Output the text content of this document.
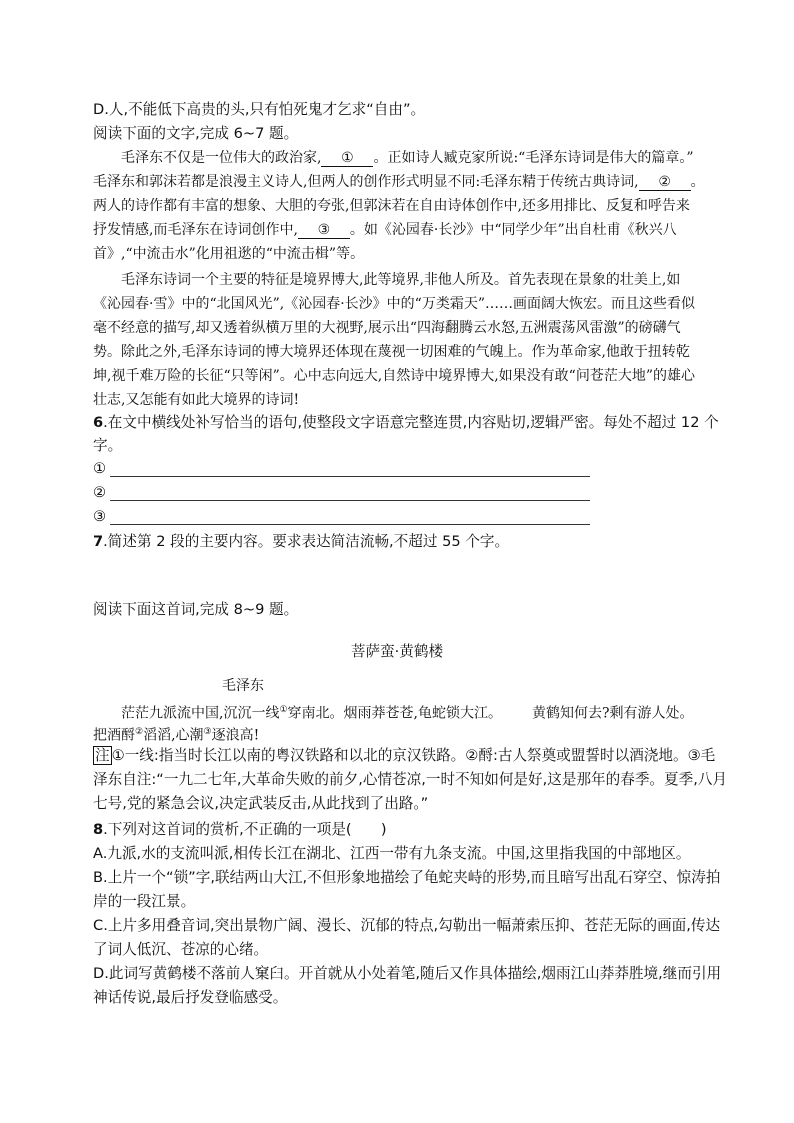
D.人,不能低下高贵的头,只有怕死鬼才乞求“自由”。
阅读下面的文字,完成 6~7 题。
毛泽东不仅是一位伟大的政治家, ① 。正如诗人臧克家所说:“毛泽东诗词是伟大的篇章。”
毛泽东和郭沫若都是浪漫主义诗人,但两人的创作形式明显不同:毛泽东精于传统古典诗词, ② 。
两人的诗作都有丰富的想象、大胆的夸张,但郭沫若在自由诗体创作中,还多用排比、反复和呼告来
抒发情感,而毛泽东在诗词创作中, ③ 。如《沁园春·长沙》中“同学少年”出自杜甫《秋兴八
首》,“中流击水”化用祖逖的“中流击楫”等。
毛泽东诗词一个主要的特征是境界博大,此等境界,非他人所及。首先表现在景象的壮美上,如
《沁园春·雪》中的“北国风光”,《沁园春·长沙》中的“万类霜天”……画面阔大恢宏。而且这些看似
毫不经意的描写,却又透着纵横万里的大视野,展示出“四海翻腾云水怒,五洲震荡风雷激”的磅礴气
势。除此之外,毛泽东诗词的博大境界还体现在蔑视一切困难的气魄上。作为革命家,他敢于扭转乾
坤,视千难万险的长征“只等闲”。心中志向远大,自然诗中境界博大,如果没有敢“问苍茫大地”的雄心
壮志,又怎能有如此大境界的诗词!
6.在文中横线处补写恰当的语句,使整段文字语意完整连贯,内容贴切,逻辑严密。每处不超过 12 个
字。
①
②
③
7.简述第 2 段的主要内容。要求表达简洁流畅,不超过 55 个字。
阅读下面这首词,完成 8~9 题。
菩萨蛮·黄鹤楼
毛泽东
茫茫九派流中国,沉沉一线①穿南北。烟雨莽苍苍,龟蛇锁大江。 黄鹤知何去?剩有游人处。
把酒酹②滔滔,心潮③逐浪高!
注 ①一线:指当时长江以南的粤汉铁路和以北的京汉铁路。②酹:古人祭奠或盟誓时以酒浇地。③毛
泽东自注:“一九二七年,大革命失败的前夕,心情苍凉,一时不知如何是好,这是那年的春季。夏季,八月
七号,党的紧急会议,决定武装反击,从此找到了出路。”
8.下列对这首词的赏析,不正确的一项是(　　)
A.九派,水的支流叫派,相传长江在湖北、江西一带有九条支流。中国,这里指我国的中部地区。
B.上片一个“锁”字,联结两山大江,不但形象地描绘了龟蛇夹峙的形势,而且暗写出乱石穿空、惊涛拍
岸的一段江景。
C.上片多用叠音词,突出景物广阔、漫长、沉郁的特点,勾勒出一幅萧索压抑、苍茫无际的画面,传达
了词人低沉、苍凉的心绪。
D.此词写黄鹤楼不落前人窠臼。开首就从小处着笔,随后又作具体描绘,烟雨江山莽莽胜境,继而引用
神话传说,最后抒发登临感受。
